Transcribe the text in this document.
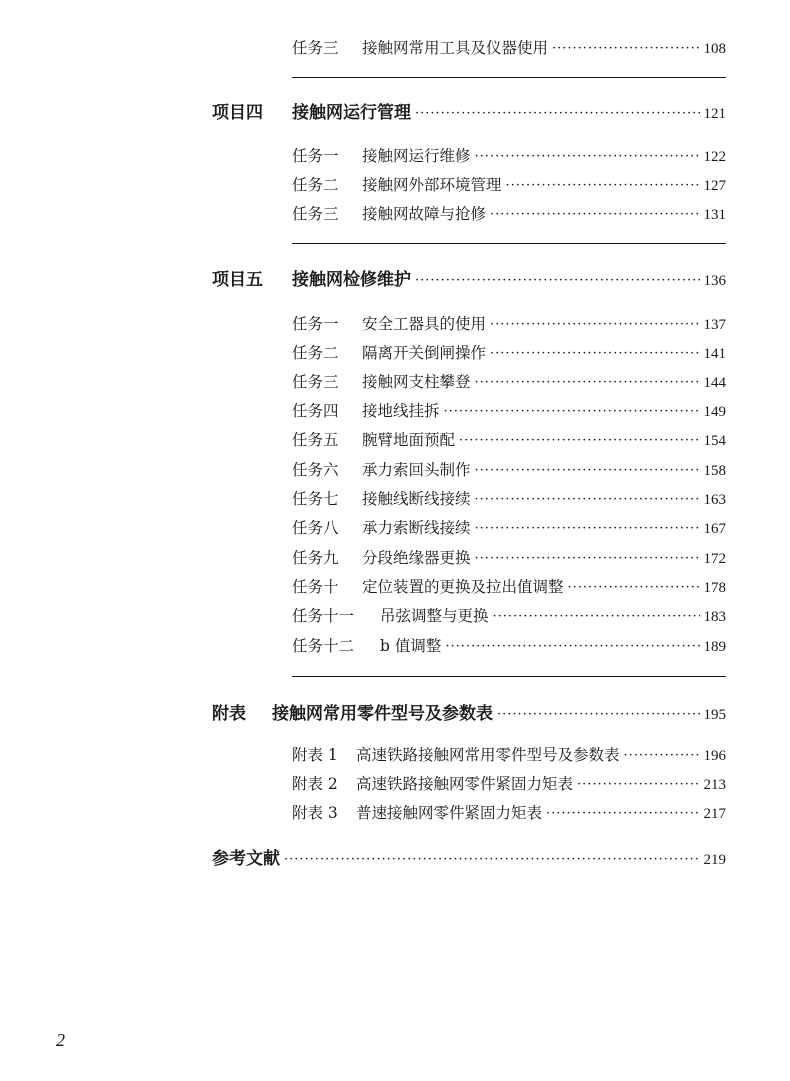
任务三	接触网常用工具及仪器使用 ·····	108
项目四	接触网运行管理 ·····	121
任务一	接触网运行维修 ·····	122
任务二	接触网外部环境管理 ·····	127
任务三	接触网故障与抢修 ·····	131
项目五	接触网检修维护 ·····	136
任务一	安全工器具的使用 ·····	137
任务二	隔离开关倒闸操作 ·····	141
任务三	接触网支柱攀登 ·····	144
任务四	接地线挂拆 ·····	149
任务五	腕臂地面预配 ·····	154
任务六	承力索回头制作 ·····	158
任务七	接触线断线接续 ·····	163
任务八	承力索断线接续 ·····	167
任务九	分段绝缘器更换 ·····	172
任务十	定位装置的更换及拉出值调整 ·····	178
任务十一	吊弦调整与更换 ·····	183
任务十二	b 值调整 ·····	189
附表	接触网常用零件型号及参数表 ·····	195
附表 1	高速铁路接触网常用零件型号及参数表 ·····	196
附表 2	高速铁路接触网零件紧固力矩表 ·····	213
附表 3	普速接触网零件紧固力矩表 ·····	217
参考文献 ·····	219
2
